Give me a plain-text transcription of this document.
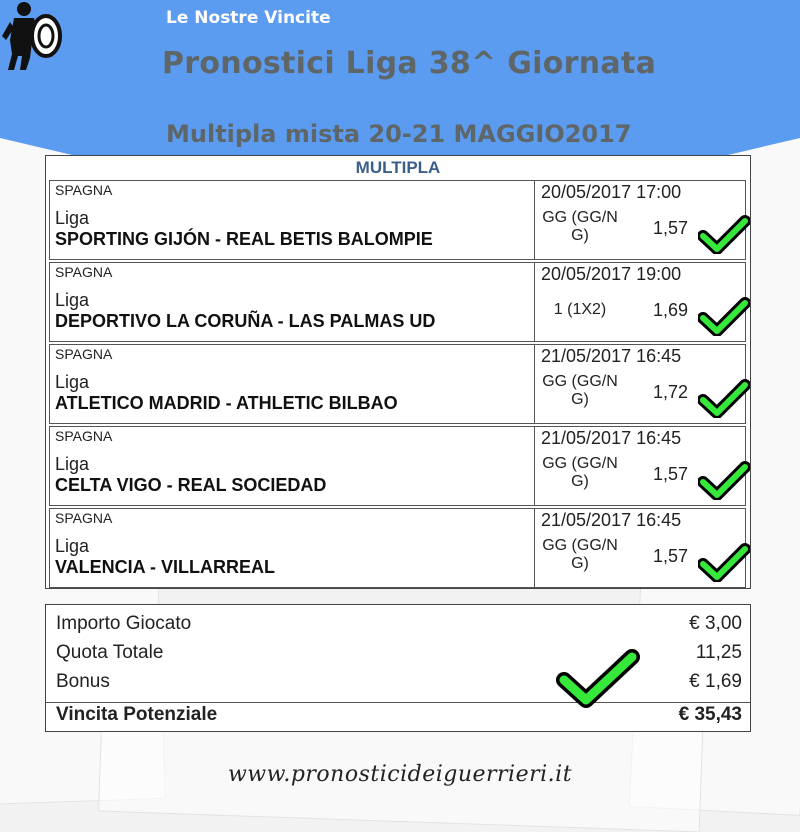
Le Nostre Vincite
Pronostici Liga 38^ Giornata
MULTIPLA
SPAGNA
Liga
SPORTING GIJÓN - REAL BETIS BALOMPIE
20/05/2017 17:00
GG (GG/N G)	1,57
SPAGNA
Liga
DEPORTIVO LA CORUÑA - LAS PALMAS UD
20/05/2017 19:00
1 (1X2)	1,69
SPAGNA
Liga
ATLETICO MADRID - ATHLETIC BILBAO
21/05/2017 16:45
GG (GG/N G)	1,72
SPAGNA
Liga
CELTA VIGO - REAL SOCIEDAD
21/05/2017 16:45
GG (GG/N G)	1,57
SPAGNA
Liga
VALENCIA - VILLARREAL
21/05/2017 16:45
GG (GG/N G)	1,57
Multipla mista 20-21 MAGGIO2017
Importo Giocato	€ 3,00
Quota Totale	11,25
Bonus	€ 1,69
Vincita Potenziale	€ 35,43
www.pronosticideiguerrieri.it
